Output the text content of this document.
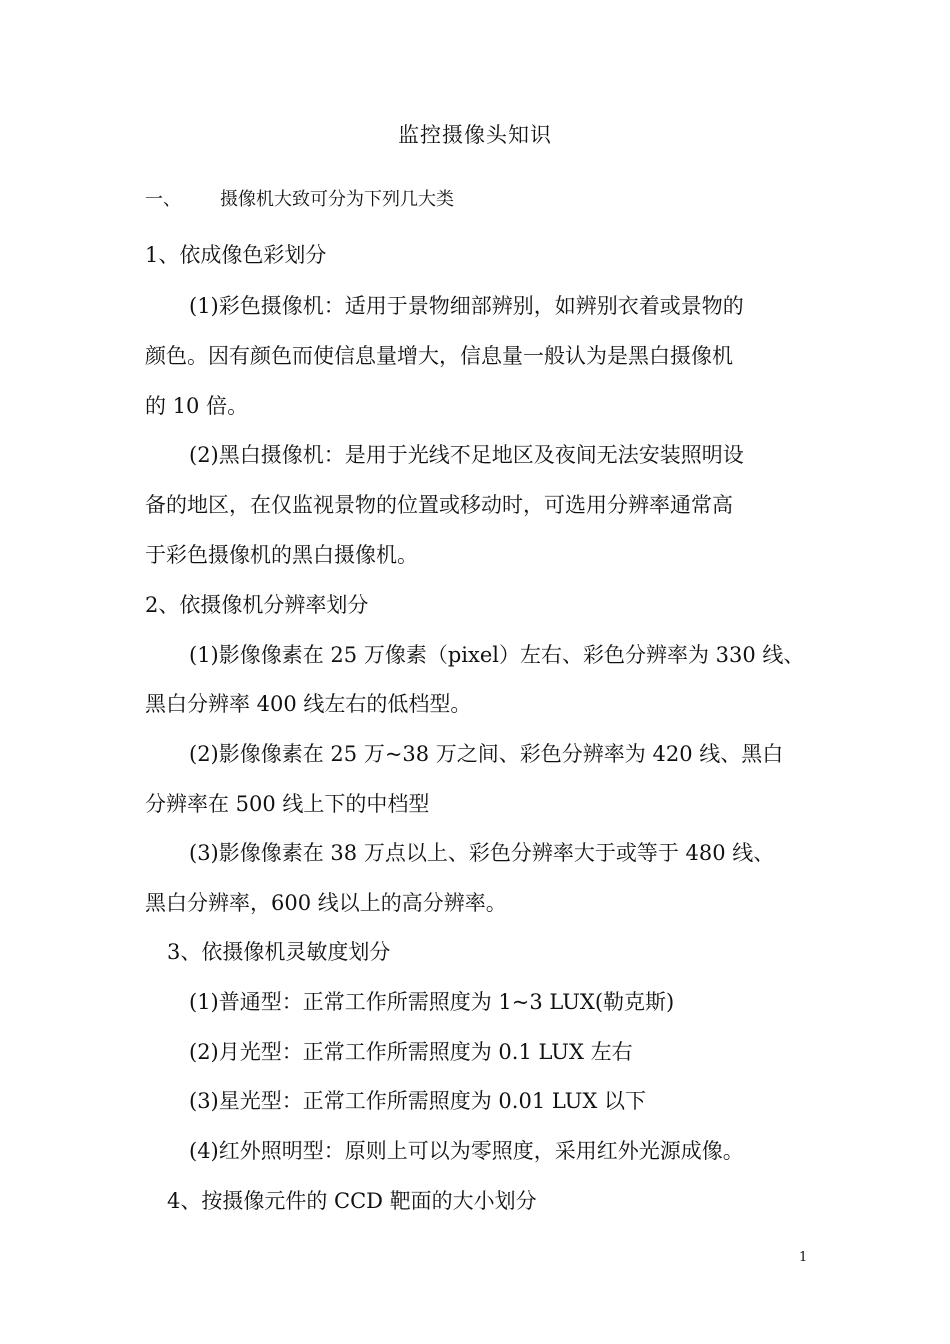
监控摄像头知识
一、 摄像机大致可分为下列几大类
1、依成像色彩划分
(1)彩色摄像机：适用于景物细部辨别，如辨别衣着或景物的
颜色。因有颜色而使信息量增大，信息量一般认为是黑白摄像机
的 10 倍。
(2)黑白摄像机：是用于光线不足地区及夜间无法安装照明设
备的地区，在仅监视景物的位置或移动时，可选用分辨率通常高
于彩色摄像机的黑白摄像机。
2、依摄像机分辨率划分
(1)影像像素在 25 万像素（pixel）左右、彩色分辨率为 330 线、
黑白分辨率 400 线左右的低档型。
(2)影像像素在 25 万~38 万之间、彩色分辨率为 420 线、黑白
分辨率在 500 线上下的中档型
(3)影像像素在 38 万点以上、彩色分辨率大于或等于 480 线、
黑白分辨率，600 线以上的高分辨率。
3、依摄像机灵敏度划分
(1)普通型：正常工作所需照度为 1~3 LUX(勒克斯)
(2)月光型：正常工作所需照度为 0.1 LUX 左右
(3)星光型：正常工作所需照度为 0.01 LUX 以下
(4)红外照明型：原则上可以为零照度，采用红外光源成像。
4、按摄像元件的 CCD 靶面的大小划分
1
